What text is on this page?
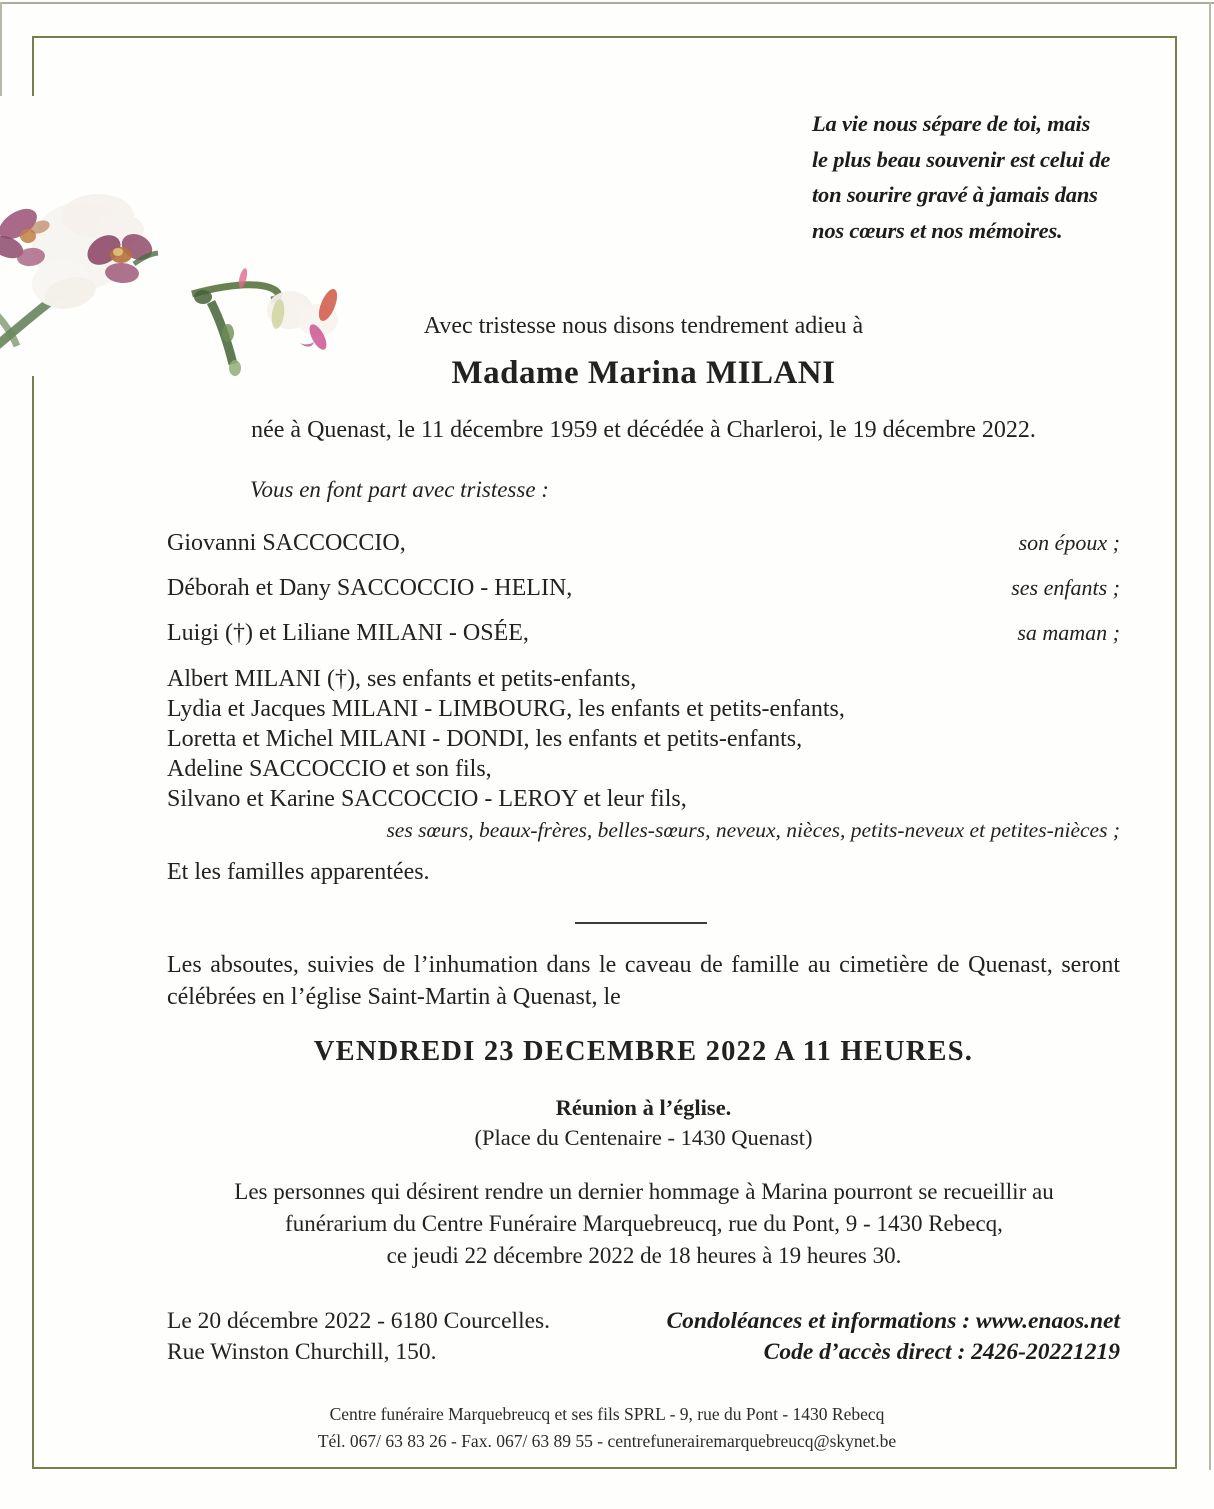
La vie nous sépare de toi, mais
le plus beau souvenir est celui de
ton sourire gravé à jamais dans
nos cœurs et nos mémoires.
Avec tristesse nous disons tendrement adieu à
Madame Marina MILANI
née à Quenast, le 11 décembre 1959 et décédée à Charleroi, le 19 décembre 2022.
Vous en font part avec tristesse :
Giovanni SACCOCCIO,	son époux ;
Déborah et Dany SACCOCCIO - HELIN,	ses enfants ;
Luigi (†) et Liliane MILANI - OSÉE,	sa maman ;
Albert MILANI (†), ses enfants et petits-enfants,
Lydia et Jacques MILANI - LIMBOURG, les enfants et petits-enfants,
Loretta et Michel MILANI - DONDI, les enfants et petits-enfants,
Adeline SACCOCCIO et son fils,
Silvano et Karine SACCOCCIO - LEROY et leur fils,
ses sœurs, beaux-frères, belles-sœurs, neveux, nièces, petits-neveux et petites-nièces ;
Et les familles apparentées.

Les absoutes, suivies de l’inhumation dans le caveau de famille au cimetière de Quenast, seront célébrées en l’église Saint-Martin à Quenast, le

VENDREDI 23 DECEMBRE 2022 A 11 HEURES.
Réunion à l’église.
(Place du Centenaire - 1430 Quenast)
Les personnes qui désirent rendre un dernier hommage à Marina pourront se recueillir au
funérarium du Centre Funéraire Marquebreucq, rue du Pont, 9 - 1430 Rebecq,
ce jeudi 22 décembre 2022 de 18 heures à 19 heures 30.
Le 20 décembre 2022 - 6180 Courcelles.
Rue Winston Churchill, 150.
Condoléances et informations : www.enaos.net
Code d’accès direct : 2426-20221219
Centre funéraire Marquebreucq et ses fils SPRL - 9, rue du Pont - 1430 Rebecq
Tél. 067/ 63 83 26 - Fax. 067/ 63 89 55 - centrefunerairemarquebreucq@skynet.be
